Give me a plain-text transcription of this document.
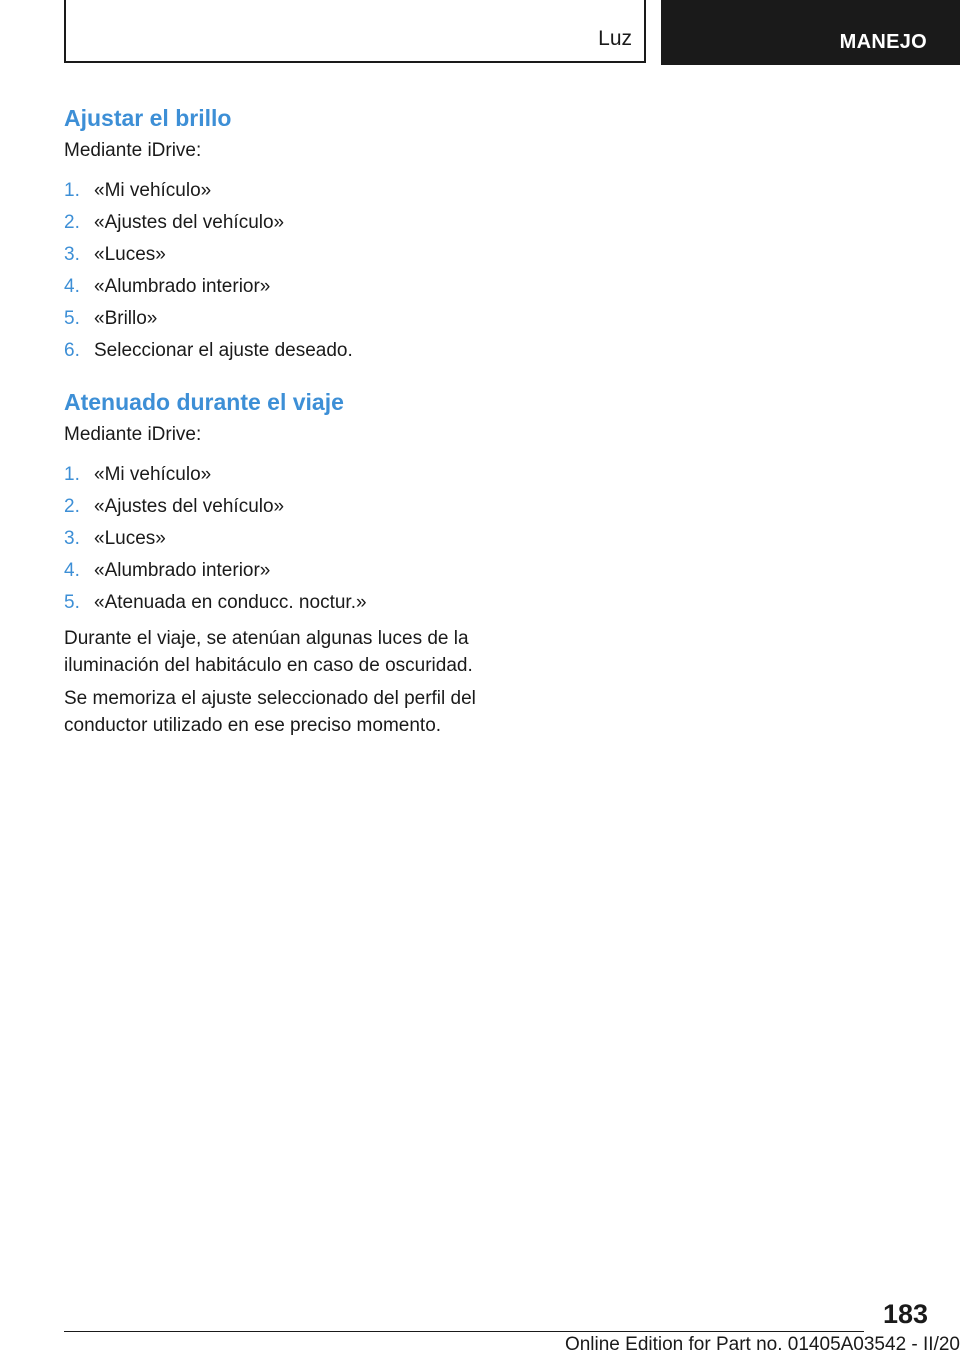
Luz	MANEJO
Ajustar el brillo
Mediante iDrive:
1. «Mi vehículo»
2. «Ajustes del vehículo»
3. «Luces»
4. «Alumbrado interior»
5. «Brillo»
6. Seleccionar el ajuste deseado.
Atenuado durante el viaje
Mediante iDrive:
1. «Mi vehículo»
2. «Ajustes del vehículo»
3. «Luces»
4. «Alumbrado interior»
5. «Atenuada en conducc. noctur.»

Durante el viaje, se atenúan algunas luces de la iluminación del habitáculo en caso de oscuridad.

Se memoriza el ajuste seleccionado del perfil del conductor utilizado en ese preciso momento.

183
Online Edition for Part no. 01405A03542 - II/20
